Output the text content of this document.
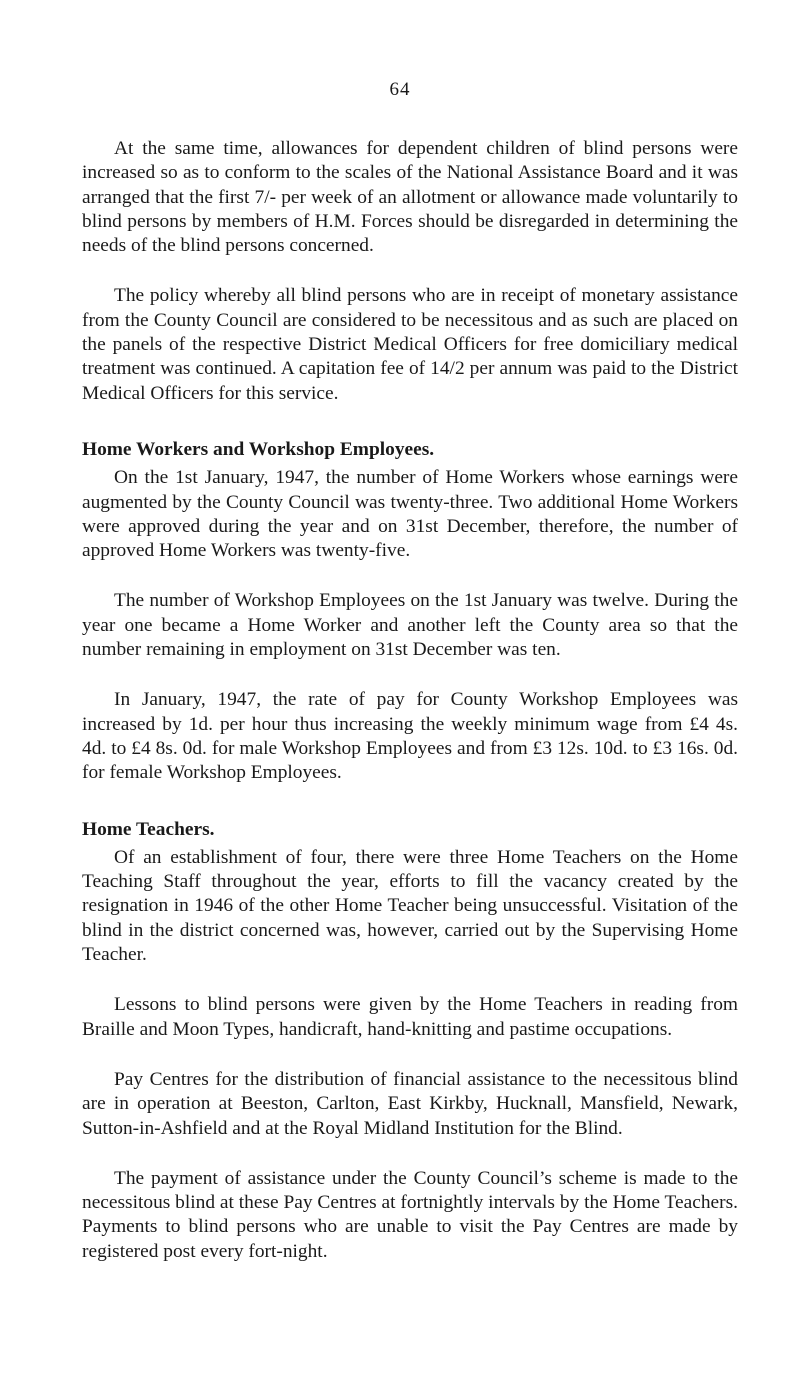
64

At the same time, allowances for dependent children of blind persons were increased so as to conform to the scales of the National Assistance Board and it was arranged that the first 7/- per week of an allotment or allowance made voluntarily to blind persons by members of H.M. Forces should be disregarded in determining the needs of the blind persons concerned.

The policy whereby all blind persons who are in receipt of monetary assistance from the County Council are considered to be necessitous and as such are placed on the panels of the respective District Medical Officers for free domiciliary medical treatment was continued. A capitation fee of 14/2 per annum was paid to the District Medical Officers for this service.

Home Workers and Workshop Employees.

On the 1st January, 1947, the number of Home Workers whose earnings were augmented by the County Council was twenty-three. Two additional Home Workers were approved during the year and on 31st December, therefore, the number of approved Home Workers was twenty-five.

The number of Workshop Employees on the 1st January was twelve. During the year one became a Home Worker and another left the County area so that the number remaining in employment on 31st December was ten.

In January, 1947, the rate of pay for County Workshop Employees was increased by 1d. per hour thus increasing the weekly minimum wage from £4 4s. 4d. to £4 8s. 0d. for male Workshop Employees and from £3 12s. 10d. to £3 16s. 0d. for female Workshop Employees.

Home Teachers.

Of an establishment of four, there were three Home Teachers on the Home Teaching Staff throughout the year, efforts to fill the vacancy created by the resignation in 1946 of the other Home Teacher being unsuccessful. Visitation of the blind in the district concerned was, however, carried out by the Supervising Home Teacher.

Lessons to blind persons were given by the Home Teachers in reading from Braille and Moon Types, handicraft, hand-knitting and pastime occupations.

Pay Centres for the distribution of financial assistance to the necessitous blind are in operation at Beeston, Carlton, East Kirkby, Hucknall, Mansfield, Newark, Sutton-in-Ashfield and at the Royal Midland Institution for the Blind.

The payment of assistance under the County Council’s scheme is made to the necessitous blind at these Pay Centres at fortnightly intervals by the Home Teachers. Payments to blind persons who are unable to visit the Pay Centres are made by registered post every fort-night.
